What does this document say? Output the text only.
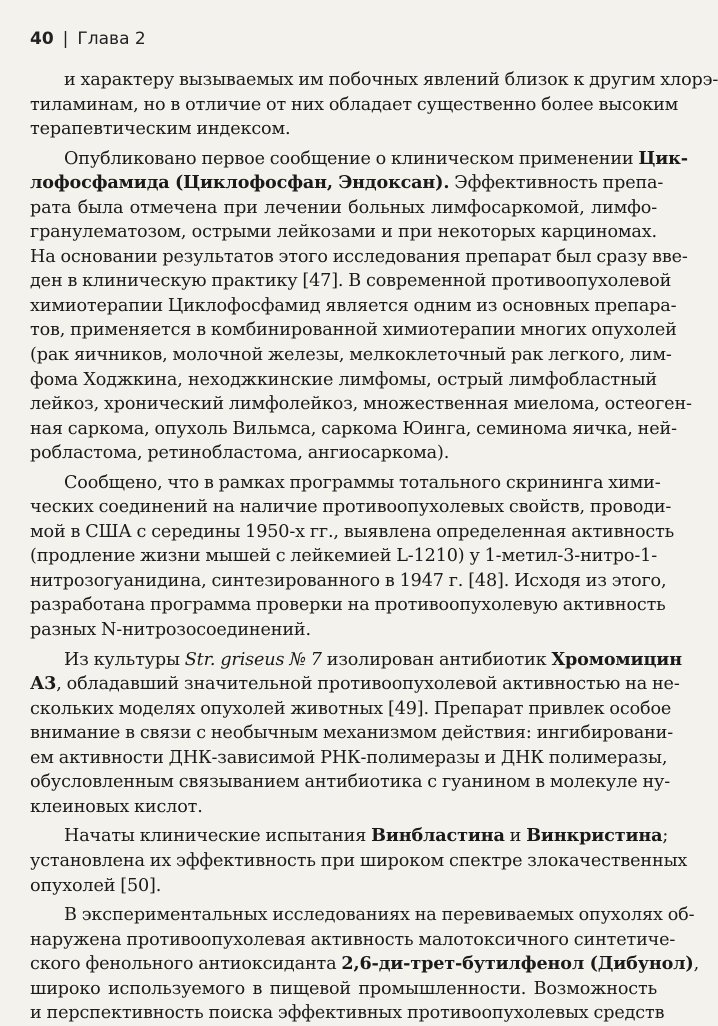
40 | Глава 2
и характеру вызываемых им побочных явлений близок к другим хлорэ-
тиламинам, но в отличие от них обладает существенно более высоким
терапевтическим индексом.
Опубликовано первое сообщение о клиническом применении Цик-
лофосфамида (Циклофосфан, Эндоксан). Эффективность препа-
рата была отмечена при лечении больных лимфосаркомой, лимфо-
гранулематозом, острыми лейкозами и при некоторых карциномах.
На основании результатов этого исследования препарат был сразу вве-
ден в клиническую практику [47]. В современной противоопухолевой
химиотерапии Циклофосфамид является одним из основных препара-
тов, применяется в комбинированной химиотерапии многих опухолей
(рак яичников, молочной железы, мелкоклеточный рак легкого, лим-
фома Ходжкина, неходжкинские лимфомы, острый лимфобластный
лейкоз, хронический лимфолейкоз, множественная миелома, остеоген-
ная саркома, опухоль Вильмса, саркома Юинга, семинома яичка, ней-
робластома, ретинобластома, ангиосаркома).
Сообщено, что в рамках программы тотального скрининга хими-
ческих соединений на наличие противоопухолевых свойств, проводи-
мой в США с середины 1950-х гг., выявлена определенная активность
(продление жизни мышей с лейкемией L-1210) у 1-метил-3-нитро-1-
нитрозогуанидина, синтезированного в 1947 г. [48]. Исходя из этого,
разработана программа проверки на противоопухолевую активность
разных N-нитрозосоединений.
Из культуры Str. griseus № 7 изолирован антибиотик Хромомицин
А3, обладавший значительной противоопухолевой активностью на не-
скольких моделях опухолей животных [49]. Препарат привлек особое
внимание в связи с необычным механизмом действия: ингибировани-
ем активности ДНК-зависимой РНК-полимеразы и ДНК полимеразы,
обусловленным связыванием антибиотика с гуанином в молекуле ну-
клеиновых кислот.
Начаты клинические испытания Винбластина и Винкристина;
установлена их эффективность при широком спектре злокачественных
опухолей [50].
В экспериментальных исследованиях на перевиваемых опухолях об-
наружена противоопухолевая активность малотоксичного синтетиче-
ского фенольного антиоксиданта 2,6-ди-трет-бутилфенол (Дибунол),
широко используемого в пищевой промышленности. Возможность
и перспективность поиска эффективных противоопухолевых средств
